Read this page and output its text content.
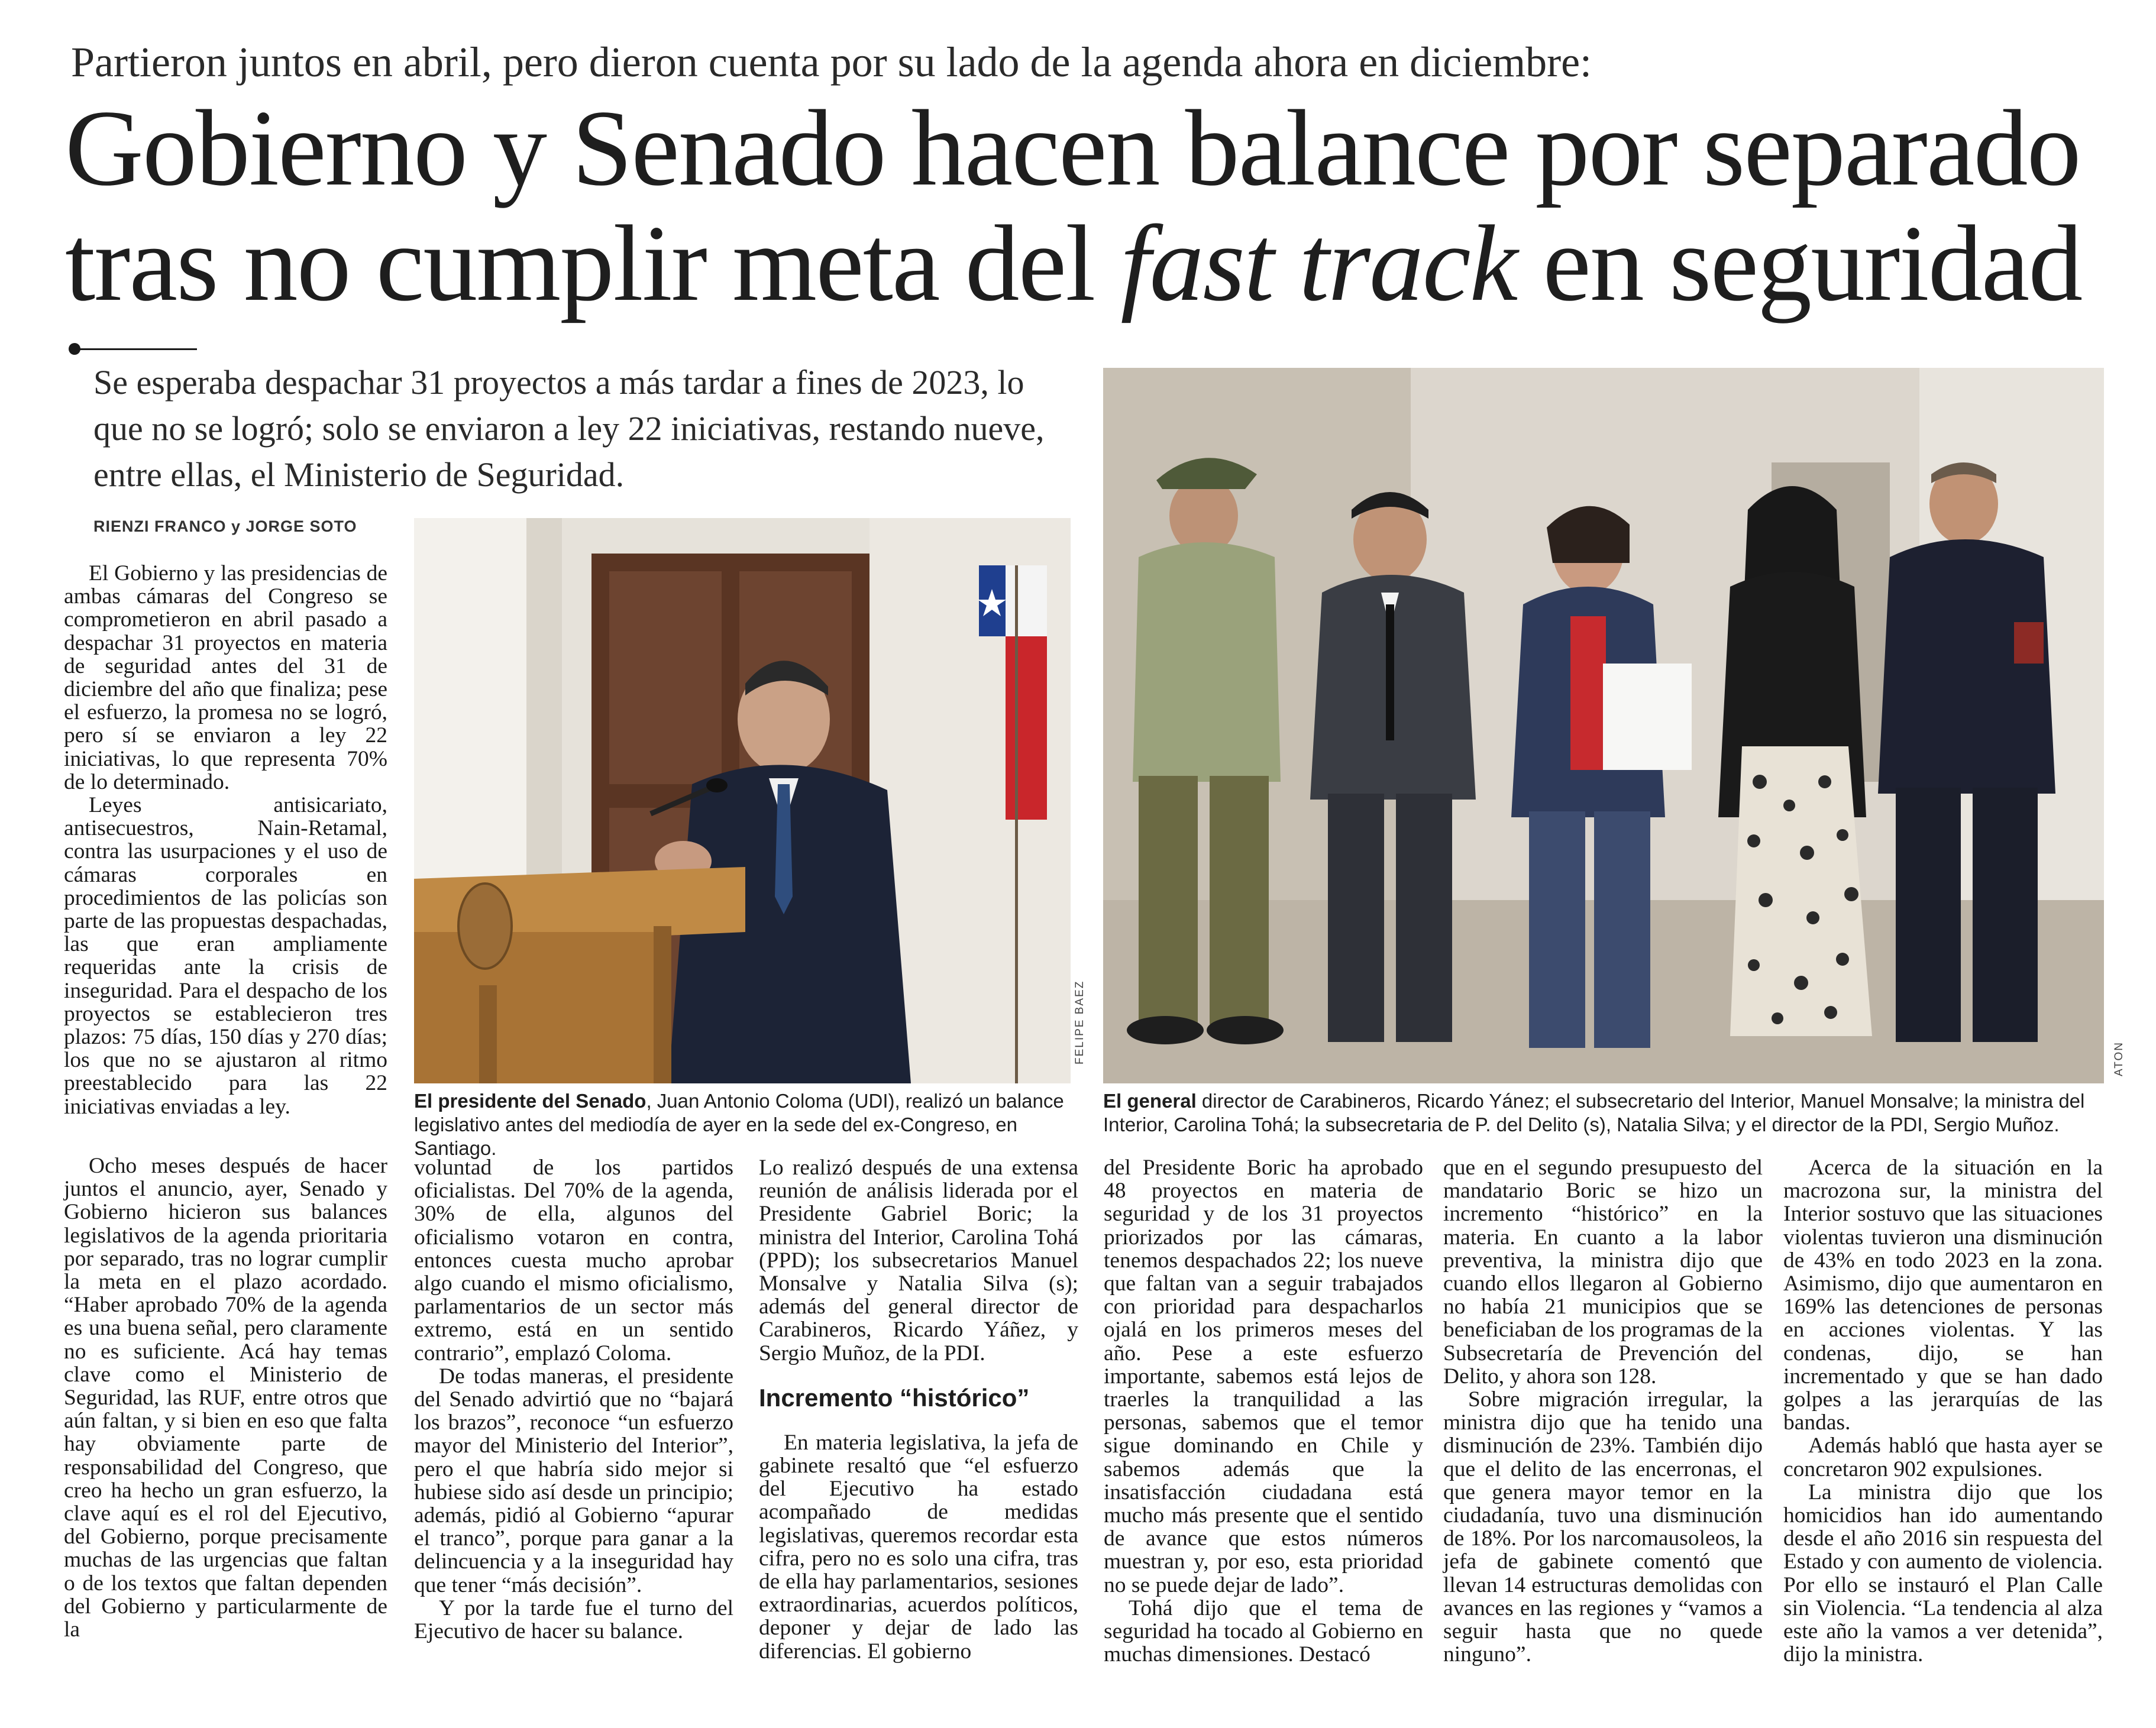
Partieron juntos en abril, pero dieron cuenta por su lado de la agenda ahora en diciembre:
Gobierno y Senado hacen balance por separado
tras no cumplir meta del fast track en seguridad
Se esperaba despachar 31 proyectos a más tardar a fines de 2023, lo que no se logró; solo se enviaron a ley 22 iniciativas, restando nueve, entre ellas, el Ministerio de Seguridad.
RIENZI FRANCO y JORGE SOTO

El Gobierno y las presidencias de ambas cámaras del Congreso se comprometieron en abril pasado a despachar 31 proyectos en materia de seguridad antes del 31 de diciembre del año que finaliza; pese el esfuerzo, la promesa no se logró, pero sí se enviaron a ley 22 iniciativas, lo que representa 70% de lo determinado.

Leyes antisicariato, antisecuestros, Nain-Retamal, contra las usurpaciones y el uso de cámaras corporales en procedimientos de las policías son parte de las propuestas despachadas, las que eran ampliamente requeridas ante la crisis de inseguridad. Para el despacho de los proyectos se establecieron tres plazos: 75 días, 150 días y 270 días; los que no se ajustaron al ritmo preestablecido para las 22 iniciativas enviadas a ley.

FELIPE BAEZ	ATON
El presidente del Senado, Juan Antonio Coloma (UDI), realizó un balance legislativo antes del mediodía de ayer en la sede del ex-Congreso, en Santiago.
El general director de Carabineros, Ricardo Yánez; el subsecretario del Interior, Manuel Monsalve; la ministra del Interior, Carolina Tohá; la subsecretaria de P. del Delito (s), Natalia Silva; y el director de la PDI, Sergio Muñoz.

Ocho meses después de hacer juntos el anuncio, ayer, Senado y Gobierno hicieron sus balances legislativos de la agenda prioritaria por separado, tras no lograr cumplir la meta en el plazo acordado. “Haber aprobado 70% de la agenda es una buena señal, pero claramente no es suficiente. Acá hay temas clave como el Ministerio de Seguridad, las RUF, entre otros que aún faltan, y si bien en eso que falta hay obviamente parte de responsabilidad del Congreso, que creo ha hecho un gran esfuerzo, la clave aquí es el rol del Ejecutivo, del Gobierno, porque precisamente muchas de las urgencias que faltan o de los textos que faltan dependen del Gobierno y particularmente de la

voluntad de los partidos oficialistas. Del 70% de la agenda, 30% de ella, algunos del oficialismo votaron en contra, entonces cuesta mucho aprobar algo cuando el mismo oficialismo, parlamentarios de un sector más extremo, está en un sentido contrario”, emplazó Coloma.

De todas maneras, el presidente del Senado advirtió que no “bajará los brazos”, reconoce “un esfuerzo mayor del Ministerio del Interior”, pero el que habría sido mejor si hubiese sido así desde un principio; además, pidió al Gobierno “apurar el tranco”, porque para ganar a la delincuencia y a la inseguridad hay que tener “más decisión”.

Y por la tarde fue el turno del Ejecutivo de hacer su balance.

Lo realizó después de una extensa reunión de análisis liderada por el Presidente Gabriel Boric; la ministra del Interior, Carolina Tohá (PPD); los subsecretarios Manuel Monsalve y Natalia Silva (s); además del general director de Carabineros, Ricardo Yáñez, y Sergio Muñoz, de la PDI.

Incremento “histórico”

En materia legislativa, la jefa de gabinete resaltó que “el esfuerzo del Ejecutivo ha estado acompañado de medidas legislativas, queremos recordar esta cifra, pero no es solo una cifra, tras de ella hay parlamentarios, sesiones extraordinarias, acuerdos políticos, deponer y dejar de lado las diferencias. El gobierno

del Presidente Boric ha aprobado 48 proyectos en materia de seguridad y de los 31 proyectos priorizados por las cámaras, tenemos despachados 22; los nueve que faltan van a seguir trabajados con prioridad para despacharlos ojalá en los primeros meses del año. Pese a este esfuerzo importante, sabemos está lejos de traerles la tranquilidad a las personas, sabemos que el temor sigue dominando en Chile y sabemos además que la insatisfacción ciudadana está mucho más presente que el sentido de avance que estos números muestran y, por eso, esta prioridad no se puede dejar de lado”.

Tohá dijo que el tema de seguridad ha tocado al Gobierno en muchas dimensiones. Destacó

que en el segundo presupuesto del mandatario Boric se hizo un incremento “histórico” en la materia. En cuanto a la labor preventiva, la ministra dijo que cuando ellos llegaron al Gobierno no había 21 municipios que se beneficiaban de los programas de la Subsecretaría de Prevención del Delito, y ahora son 128.

Sobre migración irregular, la ministra dijo que ha tenido una disminución de 23%. También dijo que el delito de las encerronas, el que genera mayor temor en la ciudadanía, tuvo una disminución de 18%. Por los narcomausoleos, la jefa de gabinete comentó que llevan 14 estructuras demolidas con avances en las regiones y “vamos a seguir hasta que no quede ninguno”.

Acerca de la situación en la macrozona sur, la ministra del Interior sostuvo que las situaciones violentas tuvieron una disminución de 43% en todo 2023 en la zona. Asimismo, dijo que aumentaron en 169% las detenciones de personas en acciones violentas. Y las condenas, dijo, se han incrementado y que se han dado golpes a las jerarquías de las bandas.

Además habló que hasta ayer se concretaron 902 expulsiones.

La ministra dijo que los homicidios han ido aumentando desde el año 2016 sin respuesta del Estado y con aumento de violencia. Por ello se instauró el Plan Calle sin Violencia. “La tendencia al alza este año la vamos a ver detenida”, dijo la ministra.
